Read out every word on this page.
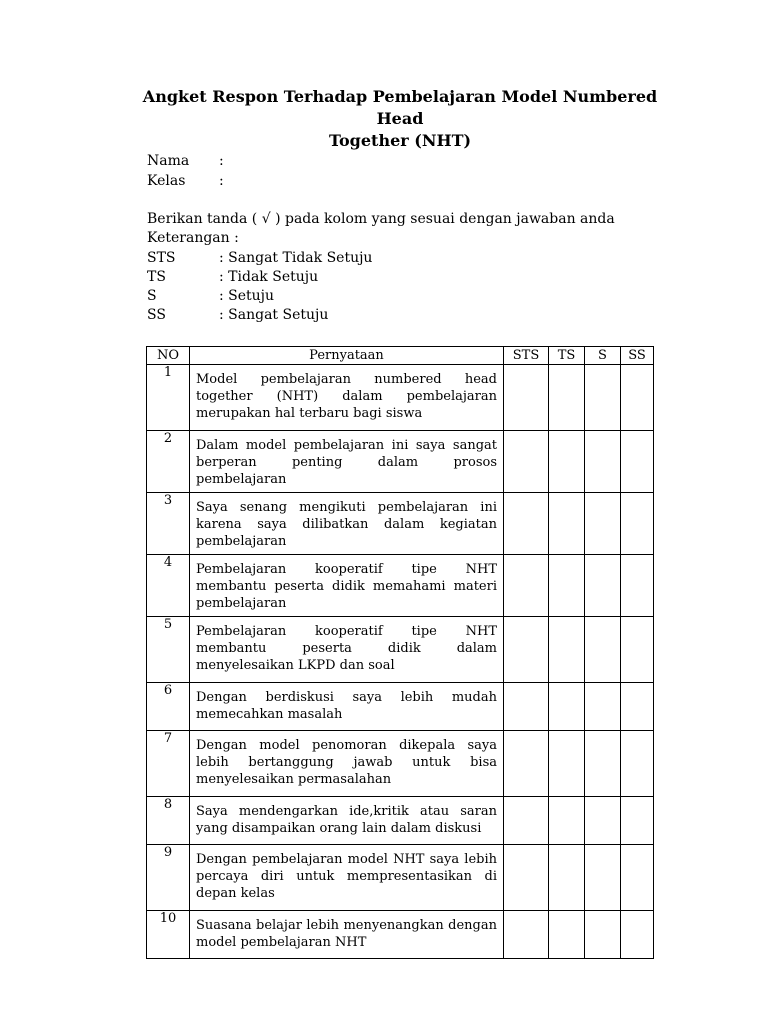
Angket Respon Terhadap Pembelajaran Model Numbered Head
Together (NHT)
Nama :
Kelas :
Berikan tanda ( √ ) pada kolom yang sesuai dengan jawaban anda
Keterangan :
STS	: Sangat Tidak Setuju
TS	: Tidak Setuju
S	: Setuju
SS	: Sangat Setuju
NO	Pernyataan	STS	TS	S	SS
1	Model pembelajaran numbered head together (NHT) dalam pembelajaran merupakan hal terbaru bagi siswa				

2	Dalam model pembelajaran ini saya sangat berperan penting dalam prosos pembelajaran				

3	Saya senang mengikuti pembelajaran ini karena saya dilibatkan dalam kegiatan pembelajaran				

4	Pembelajaran kooperatif tipe NHT membantu peserta didik memahami materi pembelajaran				

5	Pembelajaran kooperatif tipe NHT membantu peserta didik dalam menyelesaikan LKPD dan soal				

6	Dengan berdiskusi saya lebih mudah memecahkan masalah				

7	Dengan model penomoran dikepala saya lebih bertanggung jawab untuk bisa menyelesaikan permasalahan				

8	Saya mendengarkan ide,kritik atau saran yang disampaikan orang lain dalam diskusi				

9	Dengan pembelajaran model NHT saya lebih percaya diri untuk mempresentasikan di depan kelas				

10	Suasana belajar lebih menyenangkan dengan model pembelajaran NHT				
